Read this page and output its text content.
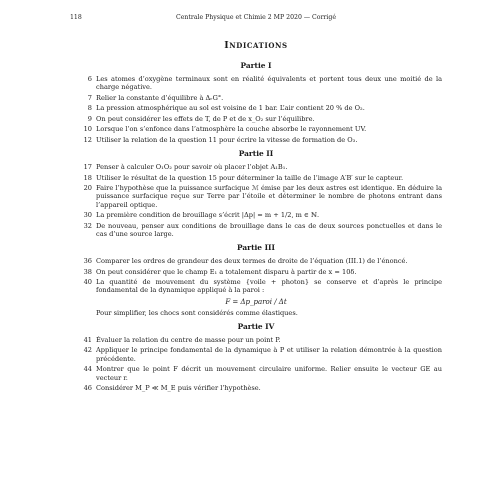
118	Centrale Physique et Chimie 2 MP 2020 — Corrigé
Indications
Partie I
6 Les atomes d’oxygène terminaux sont en réalité équivalents et portent tous deux une moitié de la charge négative.
7 Relier la constante d’équilibre à ΔᵣG°.
8 La pression atmosphérique au sol est voisine de 1 bar. L’air contient 20 % de O₂.
9 On peut considérer les effets de T, de P et de x_O₂ sur l’équilibre.
10 Lorsque l’on s’enfonce dans l’atmosphère la couche absorbe le rayonnement UV.
12 Utiliser la relation de la question 11 pour écrire la vitesse de formation de O₃.
Partie II
17 Penser à calculer O₁O₂ pour savoir où placer l’objet A₁B₁.
18 Utiliser le résultat de la question 15 pour déterminer la taille de l’image A′B′ sur le capteur.
20 Faire l’hypothèse que la puissance surfacique ℳ émise par les deux astres est identique. En déduire la puissance surfacique reçue sur Terre par l’étoile et déterminer le nombre de photons entrant dans l’appareil optique.
30 La première condition de brouillage s’écrit |Δp| = m + 1/2, m ∈ ℕ.
32 De nouveau, penser aux conditions de brouillage dans le cas de deux sources ponctuelles et dans le cas d’une source large.
Partie III
36 Comparer les ordres de grandeur des deux termes de droite de l’équation (III.1) de l’énoncé.
38 On peut considérer que le champ E₁ a totalement disparu à partir de x = 10δ.
40 La quantité de mouvement du système {voile + photon} se conserve et d’après le principe fondamental de la dynamique appliqué à la paroi :
F = Δp_paroi / Δt
Pour simplifier, les chocs sont considérés comme élastiques.
Partie IV
41 Évaluer la relation du centre de masse pour un point P.
42 Appliquer le principe fondamental de la dynamique à P et utiliser la relation démontrée à la question précédente.
44 Montrer que le point F décrit un mouvement circulaire uniforme. Relier ensuite le vecteur GE au vecteur r.
46 Considérer M_P ≪ M_E puis vérifier l’hypothèse.
